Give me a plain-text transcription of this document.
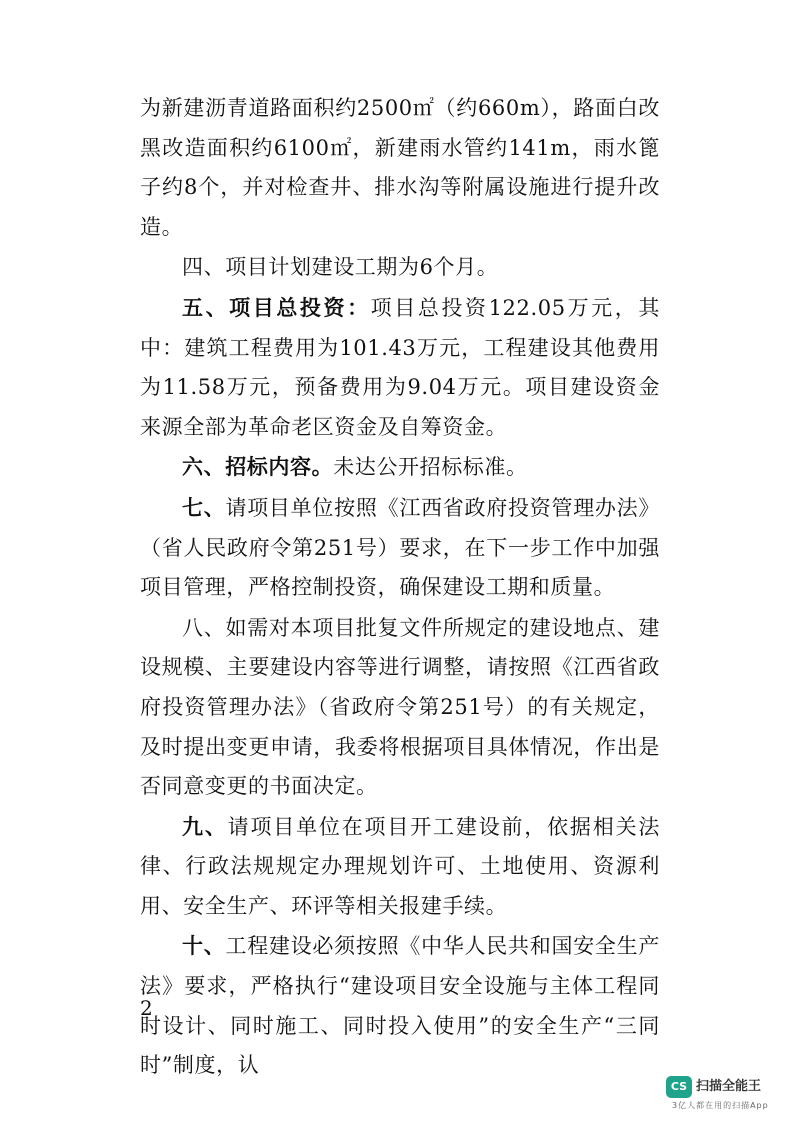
为新建沥青道路面积约2500㎡（约660m），路面白改黑改造面积约6100㎡，新建雨水管约141m，雨水篦子约8个，并对检查井、排水沟等附属设施进行提升改造。

四、项目计划建设工期为6个月。

五、项目总投资：项目总投资122.05万元，其中：建筑工程费用为101.43万元，工程建设其他费用为11.58万元，预备费用为9.04万元。项目建设资金来源全部为革命老区资金及自筹资金。

六、招标内容。未达公开招标标准。

七、请项目单位按照《江西省政府投资管理办法》（省人民政府令第251号）要求，在下一步工作中加强项目管理，严格控制投资，确保建设工期和质量。

八、如需对本项目批复文件所规定的建设地点、建设规模、主要建设内容等进行调整，请按照《江西省政府投资管理办法》（省政府令第251号）的有关规定，及时提出变更申请，我委将根据项目具体情况，作出是否同意变更的书面决定。

九、请项目单位在项目开工建设前，依据相关法律、行政法规规定办理规划许可、土地使用、资源利用、安全生产、环评等相关报建手续。

十、工程建设必须按照《中华人民共和国安全生产法》要求，严格执行“建设项目安全设施与主体工程同时设计、同时施工、同时投入使用”的安全生产“三同时”制度，认

2
CS 扫描全能王
3亿人都在用的扫描App
